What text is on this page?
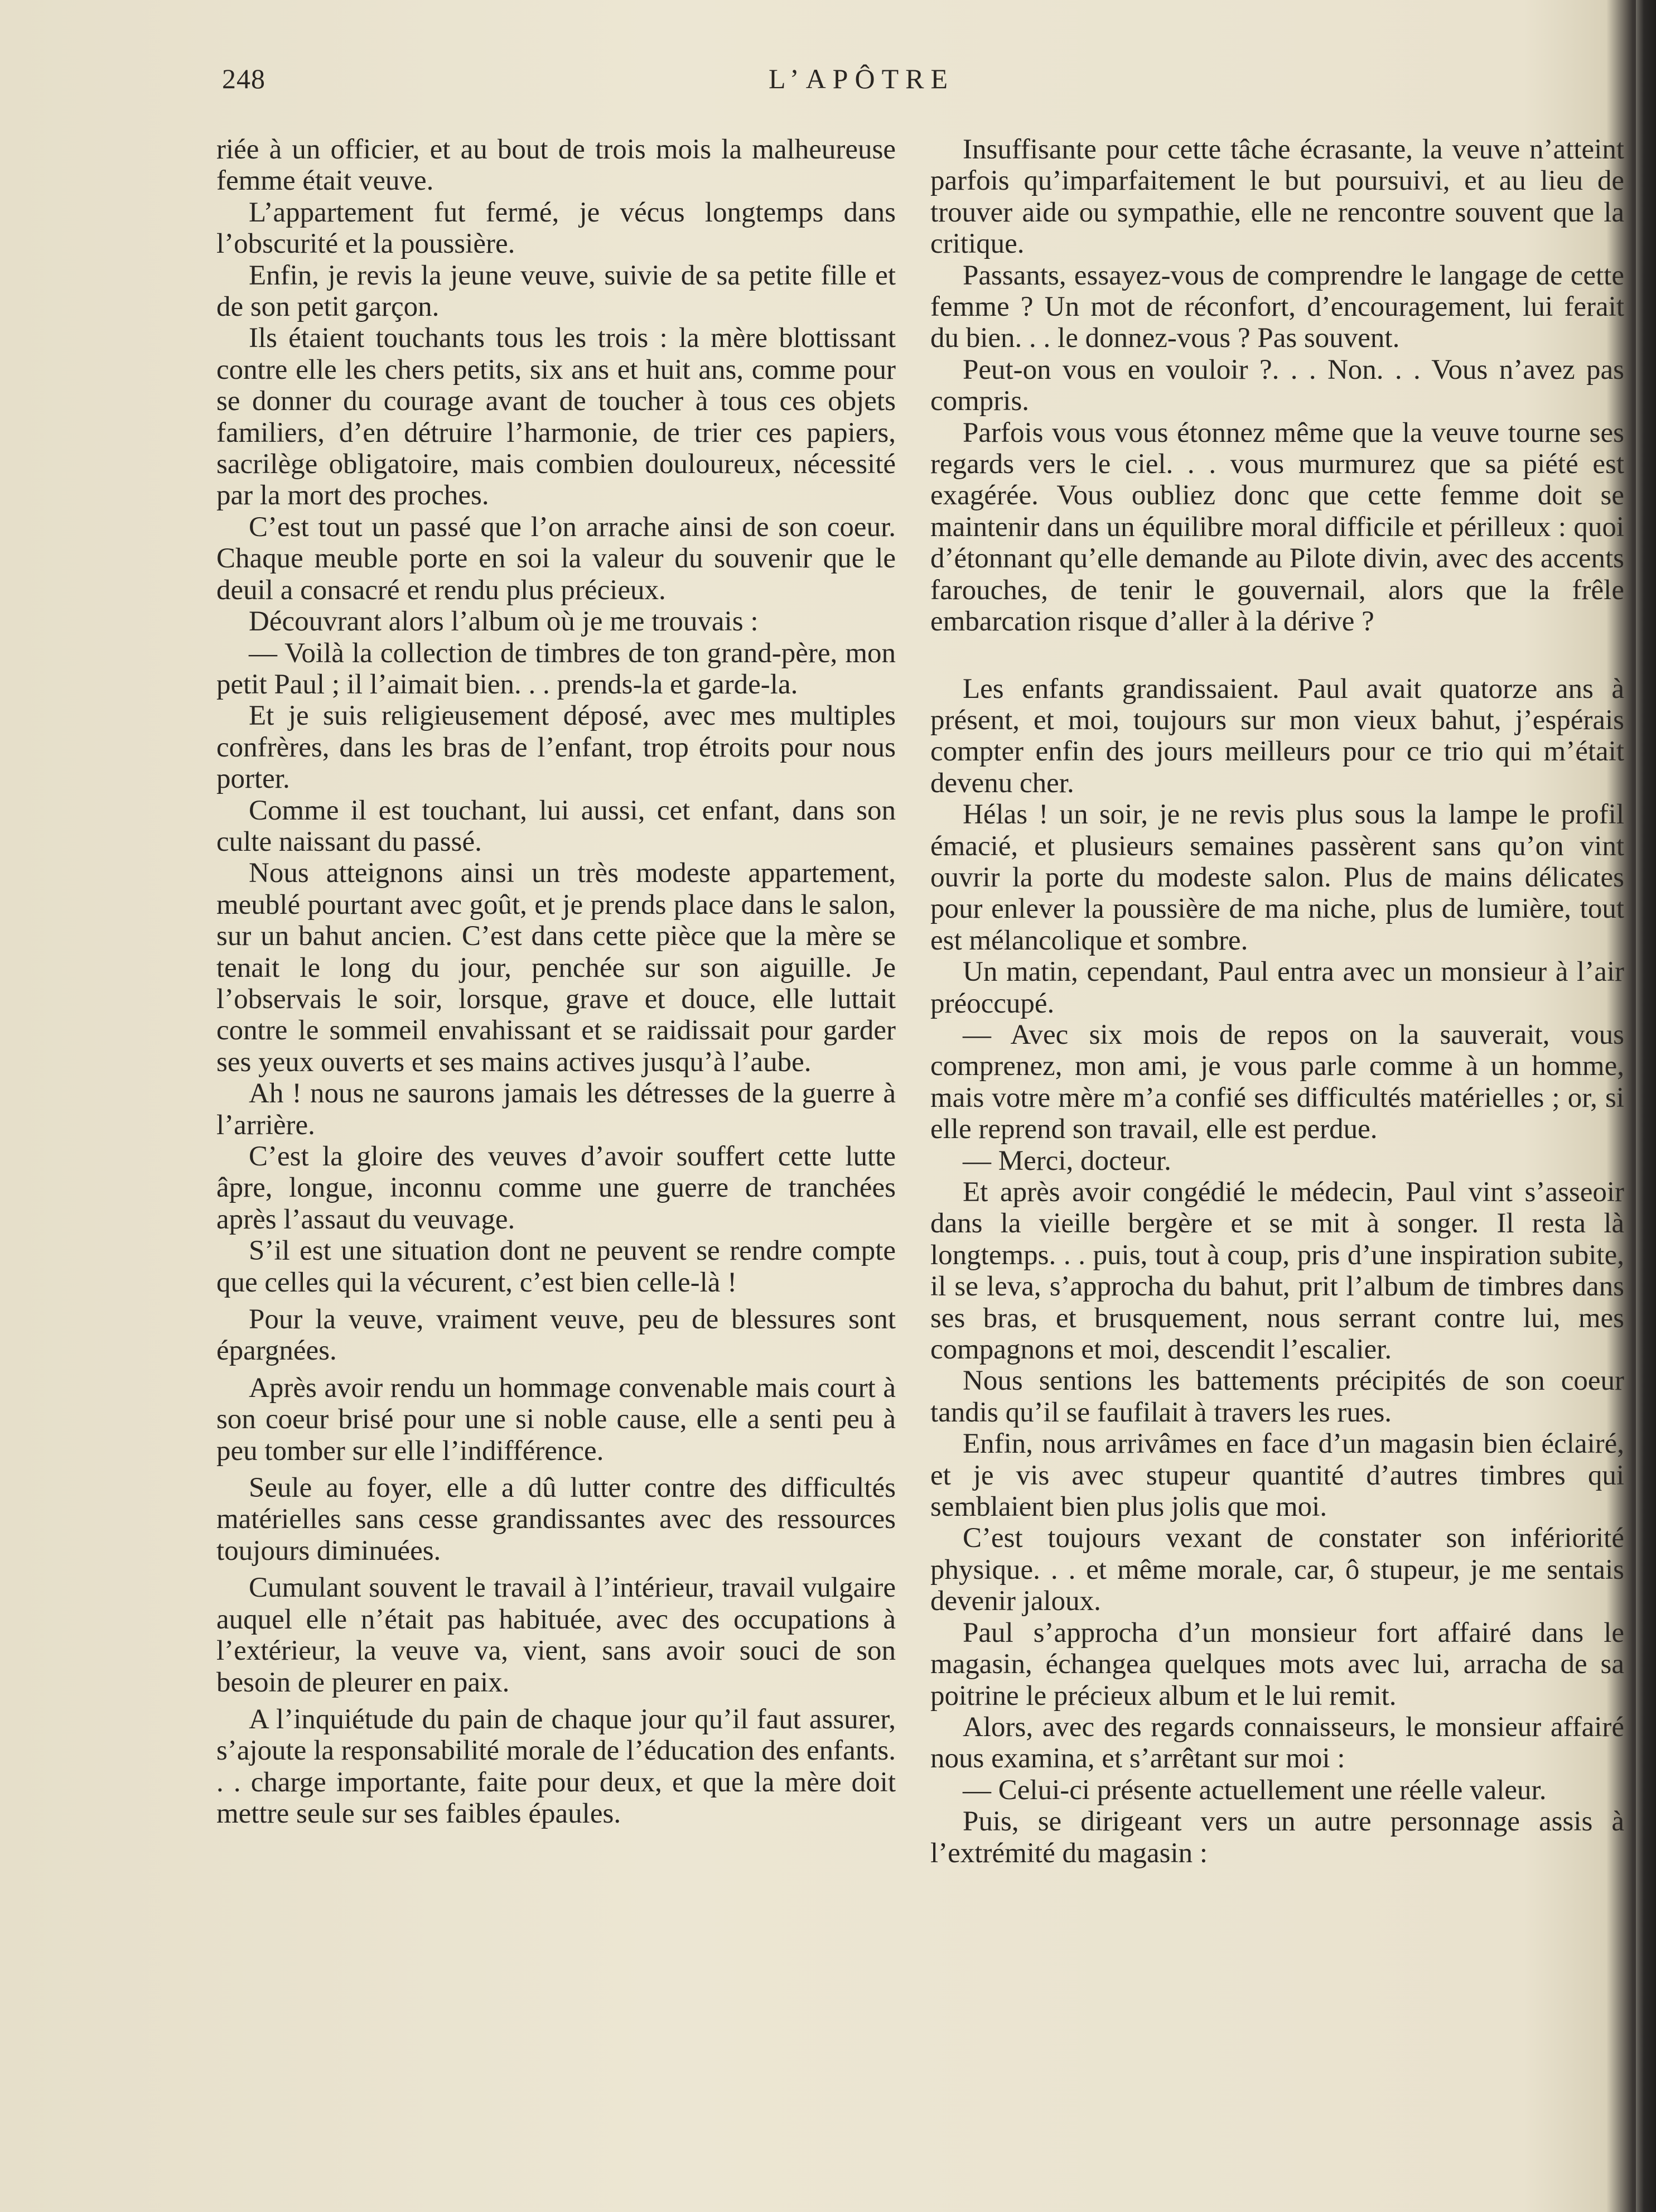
248	L’APÔTRE

riée à un officier, et au bout de trois mois la malheureuse femme était veuve.

L’appartement fut fermé, je vécus longtemps dans l’obscurité et la poussière.

Enfin, je revis la jeune veuve, suivie de sa petite fille et de son petit garçon.

Ils étaient touchants tous les trois : la mère blottissant contre elle les chers petits, six ans et huit ans, comme pour se donner du courage avant de toucher à tous ces objets familiers, d’en détruire l’harmonie, de trier ces papiers, sacrilège obligatoire, mais combien douloureux, nécessité par la mort des proches.

C’est tout un passé que l’on arrache ainsi de son coeur. Chaque meuble porte en soi la valeur du souvenir que le deuil a consacré et rendu plus précieux.

Découvrant alors l’album où je me trouvais :

— Voilà la collection de timbres de ton grand-père, mon petit Paul ; il l’aimait bien. . . prends-la et garde-la.

Et je suis religieusement déposé, avec mes multiples confrères, dans les bras de l’enfant, trop étroits pour nous porter.

Comme il est touchant, lui aussi, cet enfant, dans son culte naissant du passé.

Nous atteignons ainsi un très modeste appartement, meublé pourtant avec goût, et je prends place dans le salon, sur un bahut ancien. C’est dans cette pièce que la mère se tenait le long du jour, penchée sur son aiguille. Je l’observais le soir, lorsque, grave et douce, elle luttait contre le sommeil envahissant et se raidissait pour garder ses yeux ouverts et ses mains actives jusqu’à l’aube.

Ah ! nous ne saurons jamais les détresses de la guerre à l’arrière.

C’est la gloire des veuves d’avoir souffert cette lutte âpre, longue, inconnu comme une guerre de tranchées après l’assaut du veuvage.

S’il est une situation dont ne peuvent se rendre compte que celles qui la vécurent, c’est bien celle-là !

Pour la veuve, vraiment veuve, peu de blessures sont épargnées.

Après avoir rendu un hommage convenable mais court à son coeur brisé pour une si noble cause, elle a senti peu à peu tomber sur elle l’indifférence.

Seule au foyer, elle a dû lutter contre des difficultés matérielles sans cesse grandissantes avec des ressources toujours diminuées.

Cumulant souvent le travail à l’intérieur, travail vulgaire auquel elle n’était pas habituée, avec des occupations à l’extérieur, la veuve va, vient, sans avoir souci de son besoin de pleurer en paix.

A l’inquiétude du pain de chaque jour qu’il faut assurer, s’ajoute la responsabilité morale de l’éducation des enfants. . . charge importante, faite pour deux, et que la mère doit mettre seule sur ses faibles épaules.

Insuffisante pour cette tâche écrasante, la veuve n’atteint parfois qu’imparfaitement le but poursuivi, et au lieu de trouver aide ou sympathie, elle ne rencontre souvent que la critique.

Passants, essayez-vous de comprendre le langage de cette femme ? Un mot de réconfort, d’encouragement, lui ferait du bien. . . le donnez-vous ? Pas souvent.

Peut-on vous en vouloir ?. . . Non. . . Vous n’avez pas compris.

Parfois vous vous étonnez même que la veuve tourne ses regards vers le ciel. . . vous murmurez que sa piété est exagérée. Vous oubliez donc que cette femme doit se maintenir dans un équilibre moral difficile et périlleux : quoi d’étonnant qu’elle demande au Pilote divin, avec des accents farouches, de tenir le gouvernail, alors que la frêle embarcation risque d’aller à la dérive ?

Les enfants grandissaient. Paul avait quatorze ans à présent, et moi, toujours sur mon vieux bahut, j’espérais compter enfin des jours meilleurs pour ce trio qui m’était devenu cher.

Hélas ! un soir, je ne revis plus sous la lampe le profil émacié, et plusieurs semaines passèrent sans qu’on vint ouvrir la porte du modeste salon. Plus de mains délicates pour enlever la poussière de ma niche, plus de lumière, tout est mélancolique et sombre.

Un matin, cependant, Paul entra avec un monsieur à l’air préoccupé.

— Avec six mois de repos on la sauverait, vous comprenez, mon ami, je vous parle comme à un homme, mais votre mère m’a confié ses difficultés matérielles ; or, si elle reprend son travail, elle est perdue.

— Merci, docteur.

Et après avoir congédié le médecin, Paul vint s’asseoir dans la vieille bergère et se mit à songer. Il resta là longtemps. . . puis, tout à coup, pris d’une inspiration subite, il se leva, s’approcha du bahut, prit l’album de timbres dans ses bras, et brusquement, nous serrant contre lui, mes compagnons et moi, descendit l’escalier.

Nous sentions les battements précipités de son coeur tandis qu’il se faufilait à travers les rues.

Enfin, nous arrivâmes en face d’un magasin bien éclairé, et je vis avec stupeur quantité d’autres timbres qui semblaient bien plus jolis que moi.

C’est toujours vexant de constater son infériorité physique. . . et même morale, car, ô stupeur, je me sentais devenir jaloux.

Paul s’approcha d’un monsieur fort affairé dans le magasin, échangea quelques mots avec lui, arracha de sa poitrine le précieux album et le lui remit.

Alors, avec des regards connaisseurs, le monsieur affairé nous examina, et s’arrêtant sur moi :

— Celui-ci présente actuellement une réelle valeur.

Puis, se dirigeant vers un autre personnage assis à l’extrémité du magasin :
